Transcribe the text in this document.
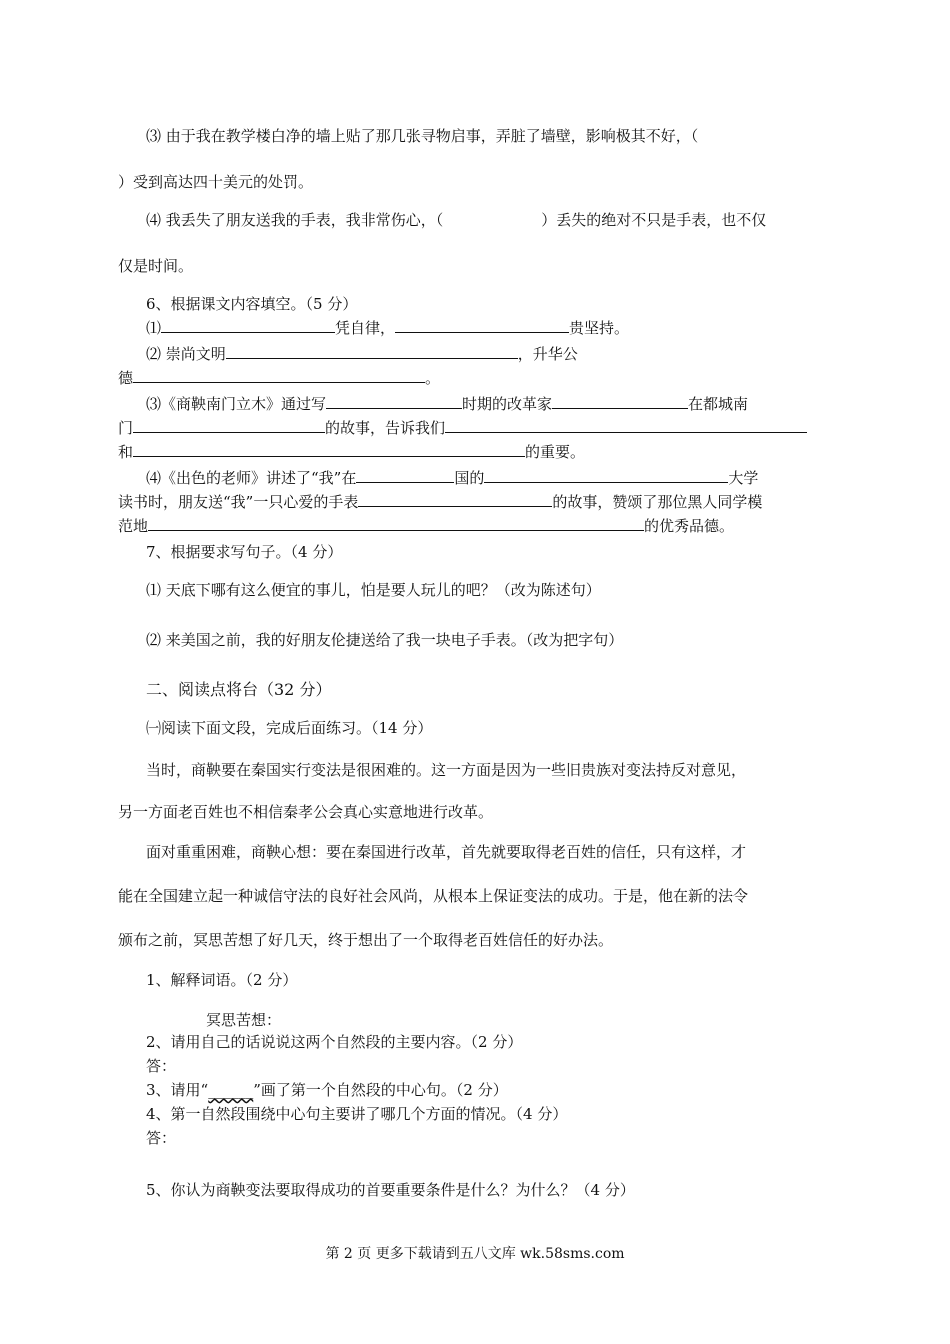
⑶ 由于我在教学楼白净的墙上贴了那几张寻物启事，弄脏了墙壁，影响极其不好，（
）受到高达四十美元的处罚。
⑷ 我丢失了朋友送我的手表，我非常伤心，（	）丢失的绝对不只是手表，也不仅
仅是时间。
6、根据课文内容填空。（5 分）
⑴	凭自律，	贵坚持。
⑵ 崇尚文明	，升华公
德	。
⑶《商鞅南门立木》通过写	时期的改革家	在都城南
门	的故事，告诉我们
和	的重要。
⑷《出色的老师》讲述了“我”在	国的	大学
读书时，朋友送“我”一只心爱的手表	的故事，赞颂了那位黑人同学模
范地	的优秀品德。
7、根据要求写句子。（4 分）
⑴ 天底下哪有这么便宜的事儿，怕是要人玩儿的吧？（改为陈述句）
⑵ 来美国之前，我的好朋友伦捷送给了我一块电子手表。（改为把字句）
二、阅读点将台（32 分）
㈠阅读下面文段，完成后面练习。（14 分）
当时，商鞅要在秦国实行变法是很困难的。这一方面是因为一些旧贵族对变法持反对意见，
另一方面老百姓也不相信秦孝公会真心实意地进行改革。
面对重重困难，商鞅心想：要在秦国进行改革，首先就要取得老百姓的信任，只有这样，才
能在全国建立起一种诚信守法的良好社会风尚，从根本上保证变法的成功。于是，他在新的法令
颁布之前，冥思苦想了好几天，终于想出了一个取得老百姓信任的好办法。
1、解释词语。（2 分）
冥思苦想：
2、请用自己的话说说这两个自然段的主要内容。（2 分）
答：
3、请用“______”画了第一个自然段的中心句。（2 分）
4、第一自然段围绕中心句主要讲了哪几个方面的情况。（4 分）
答：
5、你认为商鞅变法要取得成功的首要重要条件是什么？为什么？（4 分）
第 2 页 更多下载请到五八文库 wk.58sms.com
